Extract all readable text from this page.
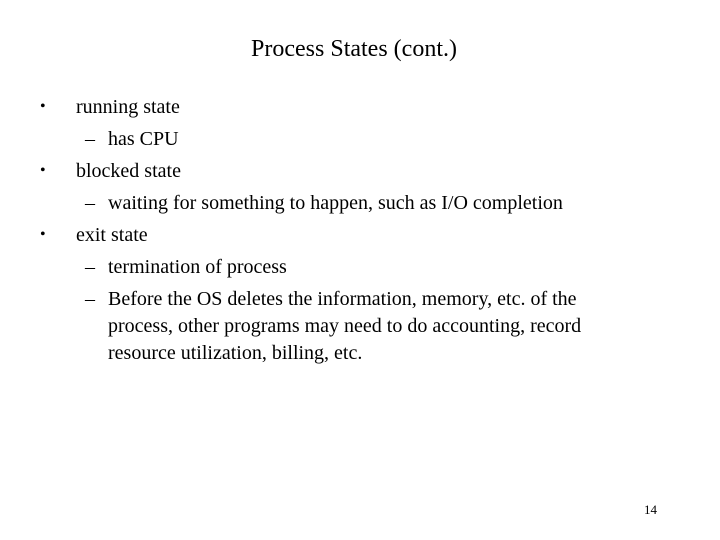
Process States (cont.)
• running state
– has CPU
• blocked state
– waiting for something to happen, such as I/O completion
• exit state
– termination of process
– Before the OS deletes the information, memory, etc. of the
process, other programs may need to do accounting, record
resource utilization, billing, etc.
14
